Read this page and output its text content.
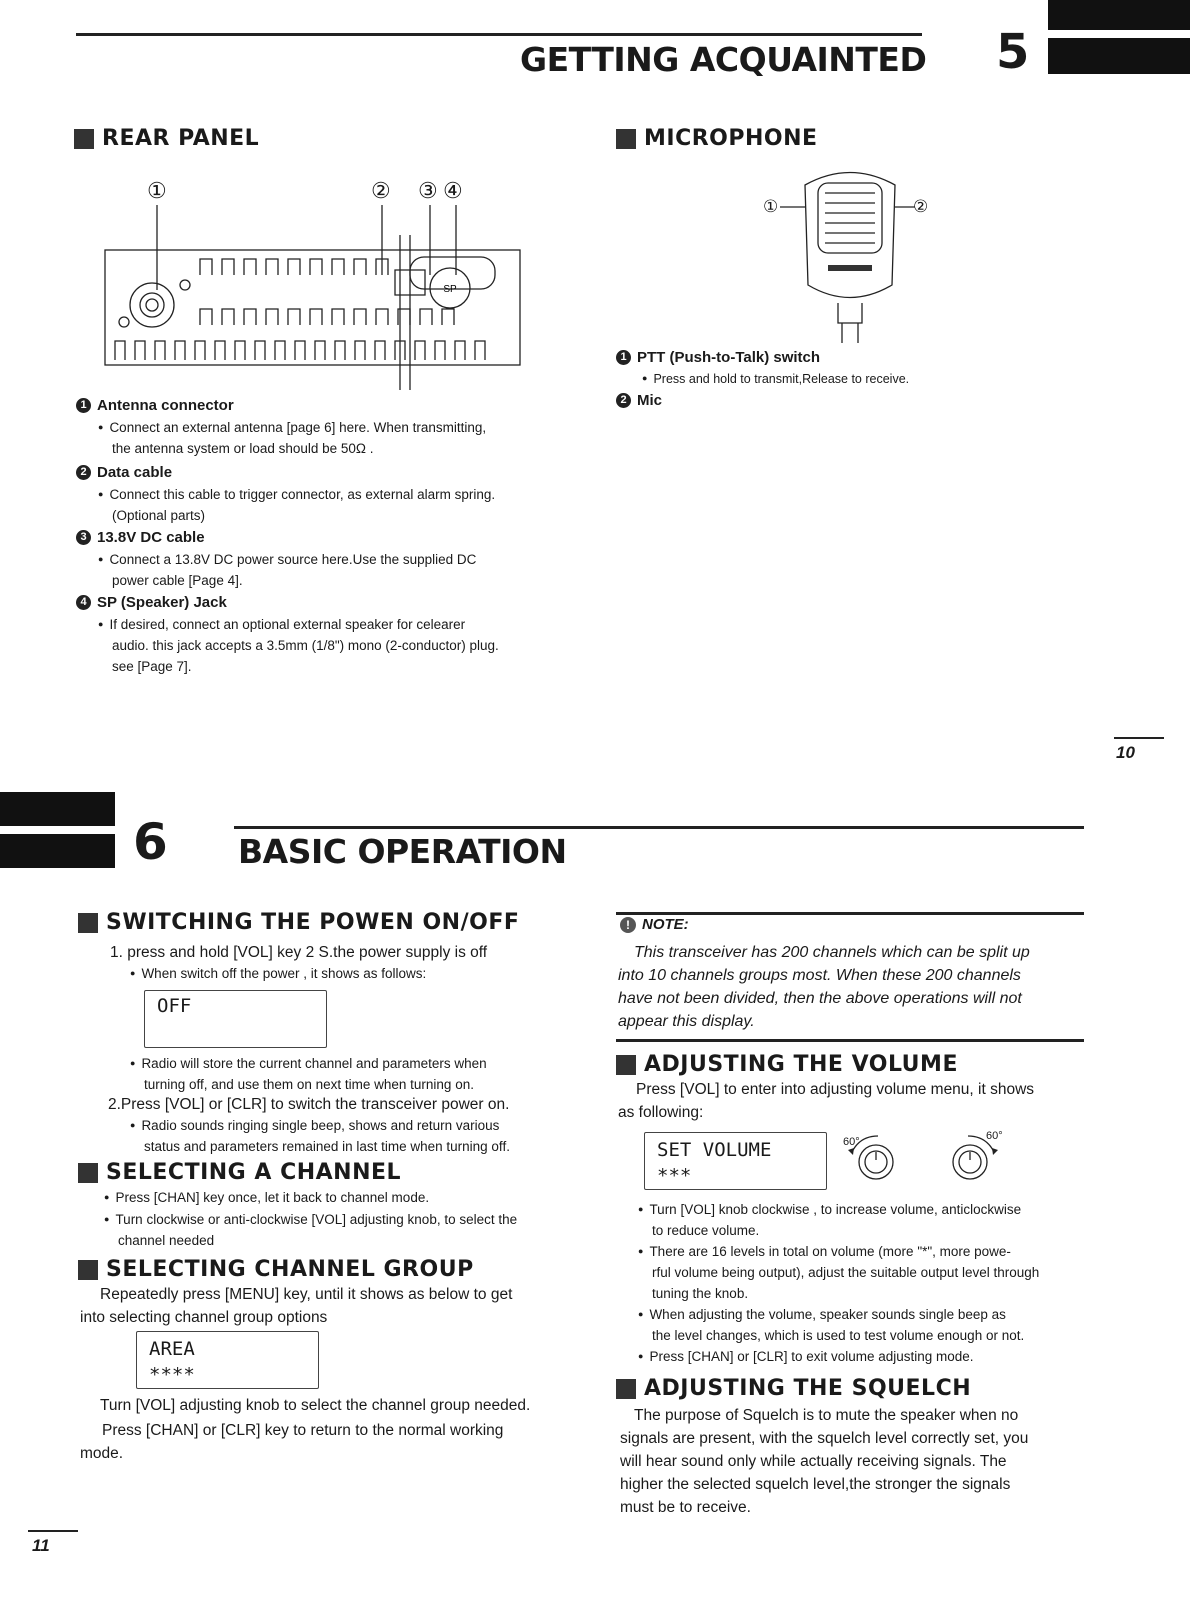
GETTING ACQUAINTED 5
REAR PANEL
SP
①	② ③ ④
1 Antenna connector
● Connect an external antenna [page 6] here. When transmitting,
the antenna system or load should be 50Ω .
2 Data cable
● Connect this cable to trigger connector, as external alarm spring.
(Optional parts)
3 13.8V DC cable
● Connect a 13.8V DC power source here.Use the supplied DC
power cable [Page 4].
4 SP (Speaker) Jack
● If desired, connect an optional external speaker for celearer
audio. this jack accepts a 3.5mm (1/8") mono (2-conductor) plug.
see [Page 7].
MICROPHONE
①	②
1 PTT (Push-to-Talk) switch
● Press and hold to transmit,Release to receive.
2 Mic
10
6 BASIC OPERATION
SWITCHING THE POWEN ON/OFF
1. press and hold [VOL] key 2 S.the power supply is off
● When switch off the power , it shows as follows:
OFF
● Radio will store the current channel and parameters when
turning off, and use them on next time when turning on.
2.Press [VOL] or [CLR] to switch the transceiver power on.
● Radio sounds ringing single beep, shows and return various
status and parameters remained in last time when turning off.
SELECTING A CHANNEL
● Press [CHAN] key once, let it back to channel mode.
● Turn clockwise or anti-clockwise [VOL] adjusting knob, to select the
channel needed
SELECTING CHANNEL GROUP
Repeatedly press [MENU] key, until it shows as below to get
into selecting channel group options
AREA
****
Turn [VOL] adjusting knob to select the channel group needed.
Press [CHAN] or [CLR] key to return to the normal working
mode.
! NOTE:
This transceiver has 200 channels which can be split up
into 10 channels groups most. When these 200 channels
have not been divided, then the above operations will not
appear this display.
ADJUSTING THE VOLUME
Press [VOL] to enter into adjusting volume menu, it shows
as following:
SET VOLUME
***
60°	60°
● Turn [VOL] knob clockwise , to increase volume, anticlockwise
to reduce volume.
● There are 16 levels in total on volume (more "*", more powe-
rful volume being output), adjust the suitable output level through
tuning the knob.
● When adjusting the volume, speaker sounds single beep as
the level changes, which is used to test volume enough or not.
● Press [CHAN] or [CLR] to exit volume adjusting mode.
ADJUSTING THE SQUELCH
The purpose of Squelch is to mute the speaker when no
signals are present, with the squelch level correctly set, you
will hear sound only while actually receiving signals. The
higher the selected squelch level,the stronger the signals
must be to receive.
11
